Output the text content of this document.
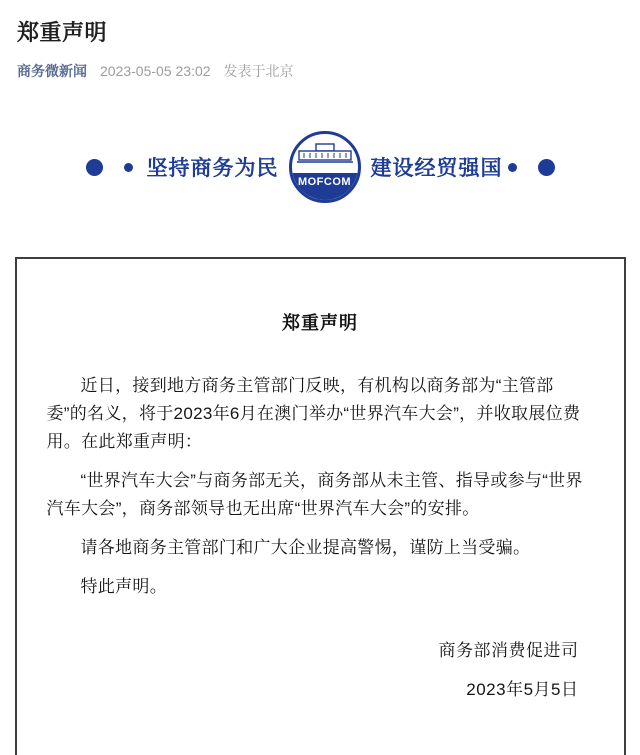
郑重声明
商务微新闻 2023-05-05 23:02 发表于北京
坚持商务为民
MOFCOM
建设经贸强国
郑重声明

近日，接到地方商务主管部门反映，有机构以商务部为“主管部委”的名义，将于2023年6月在澳门举办“世界汽车大会”，并收取展位费用。在此郑重声明：

“世界汽车大会”与商务部无关，商务部从未主管、指导或参与“世界汽车大会”，商务部领导也无出席“世界汽车大会”的安排。

请各地商务主管部门和广大企业提高警惕，谨防上当受骗。

特此声明。

商务部消费促进司
2023年5月5日
